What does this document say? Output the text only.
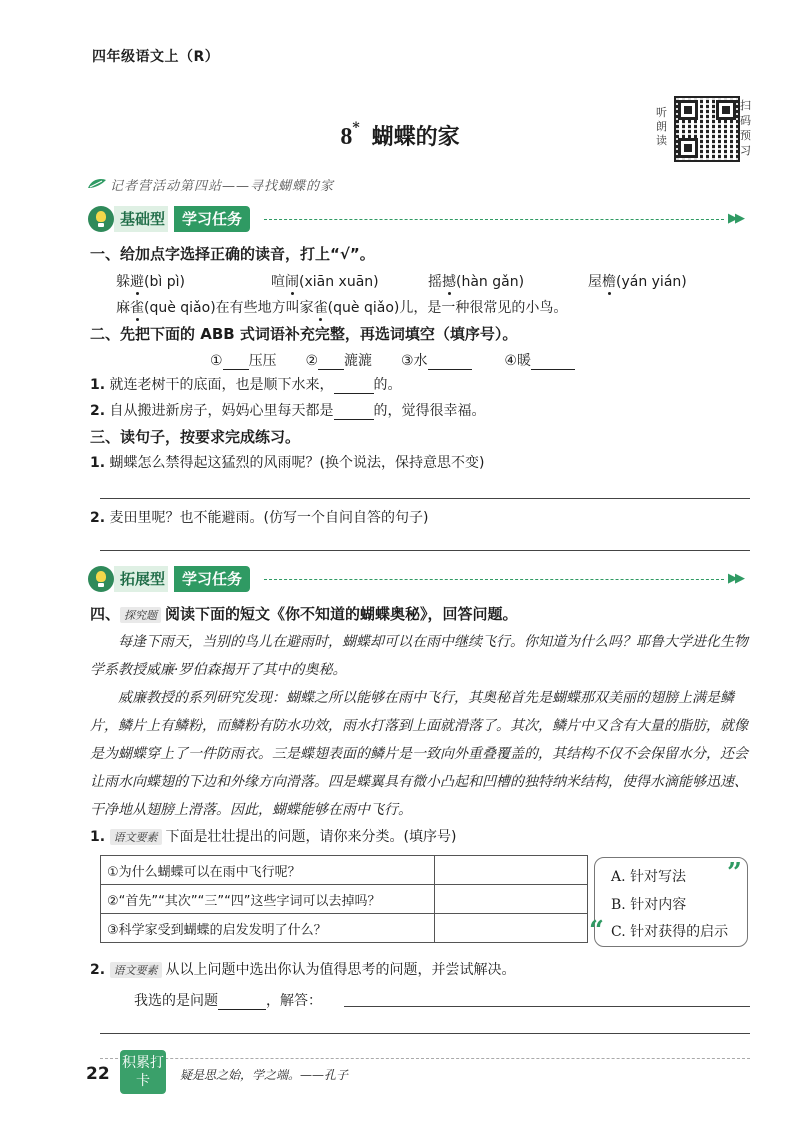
四年级语文上（R）
8* 蝴蝶的家
听朗读
扫码预习
记者营活动第四站——寻找蝴蝶的家
基础型	学习任务	▶▶
一、给加点字选择正确的读音，打上“√”。
躲避(bì pì)	喧闹(xiān xuān)	摇撼(hàn gǎn)	屋檐(yán yián)
麻雀(què qiǎo)在有些地方叫家雀(què qiǎo)儿，是一种很常见的小鸟。
二、先把下面的 ABB 式词语补充完整，再选词填空（填序号）。
① 压压 ② 漉漉 ③水	④暖
1. 就连老树干的底面，也是顺下水来，	的。
2. 自从搬进新房子，妈妈心里每天都是	的，觉得很幸福。
三、读句子，按要求完成练习。
1. 蝴蝶怎么禁得起这猛烈的风雨呢？(换个说法，保持意思不变)
2. 麦田里呢？也不能避雨。(仿写一个自问自答的句子)
拓展型	学习任务	▶▶
四、 探究题 阅读下面的短文《你不知道的蝴蝶奥秘》，回答问题。
每逢下雨天，当别的鸟儿在避雨时，蝴蝶却可以在雨中继续飞行。你知道为什么吗？耶鲁大学进化生物学系教授威廉·罗伯森揭开了其中的奥秘。
威廉教授的系列研究发现：蝴蝶之所以能够在雨中飞行，其奥秘首先是蝴蝶那双美丽的翅膀上满是鳞片，鳞片上有鳞粉，而鳞粉有防水功效，雨水打落到上面就滑落了。其次，鳞片中又含有大量的脂肪，就像是为蝴蝶穿上了一件防雨衣。三是蝶翅表面的鳞片是一致向外重叠覆盖的，其结构不仅不会保留水分，还会让雨水向蝶翅的下边和外缘方向滑落。四是蝶翼具有微小凸起和凹槽的独特纳米结构，使得水滴能够迅速、干净地从翅膀上滑落。因此，蝴蝶能够在雨中飞行。
1. 语文要素 下面是壮壮提出的问题，请你来分类。(填序号)
①为什么蝴蝶可以在雨中飞行呢？	
②“首先”“其次”“三”“四”这些字词可以去掉吗？	
③科学家受到蝴蝶的启发发明了什么？	
A. 针对写法
B. 针对内容
C. 针对获得的启示
”
“
2. 语文要素 从以上问题中选出你认为值得思考的问题，并尝试解决。
我选的是问题	，解答：
22
积累打卡	疑是思之始，学之端。——孔子
